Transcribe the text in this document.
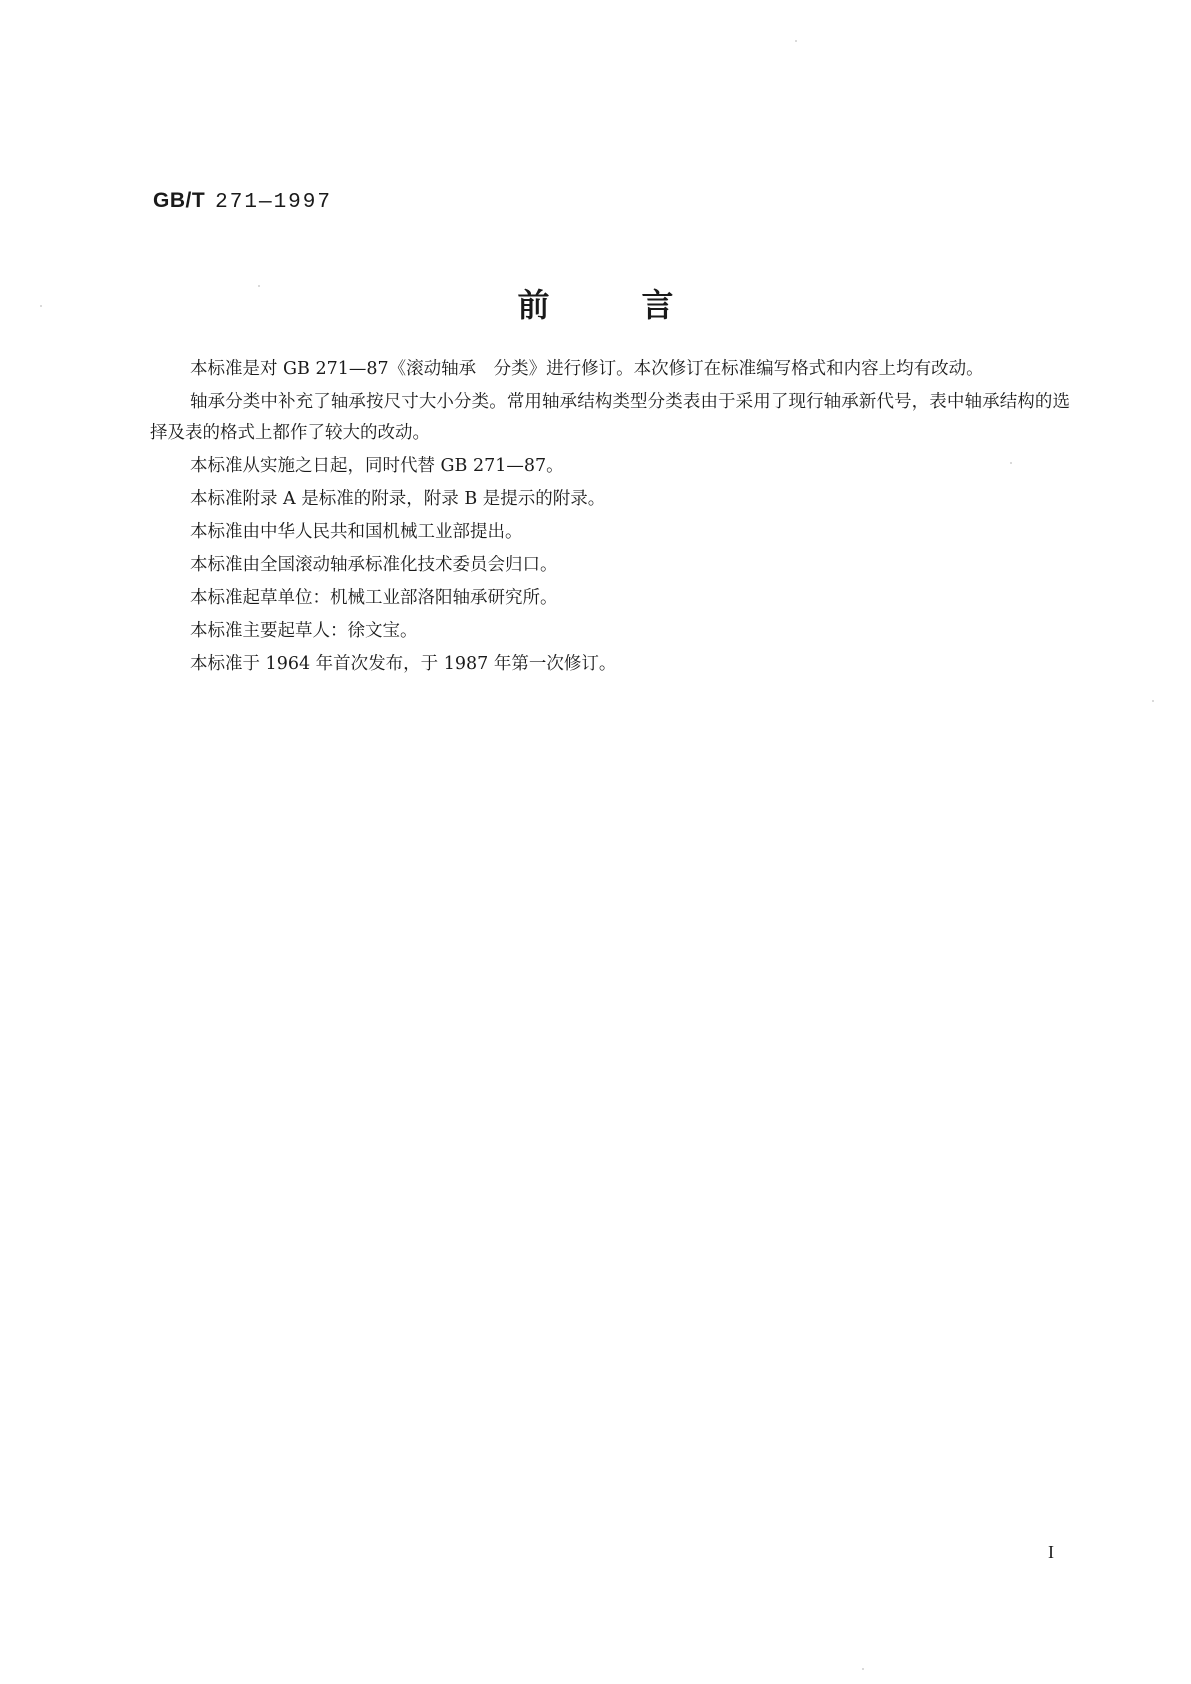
GB/T 271—1997
前言

本标准是对 GB 271—87《滚动轴承　分类》进行修订。本次修订在标准编写格式和内容上均有改动。

轴承分类中补充了轴承按尺寸大小分类。常用轴承结构类型分类表由于采用了现行轴承新代号，表中轴承结构的选择及表的格式上都作了较大的改动。

本标准从实施之日起，同时代替 GB 271—87。

本标准附录 A 是标准的附录，附录 B 是提示的附录。

本标准由中华人民共和国机械工业部提出。

本标准由全国滚动轴承标准化技术委员会归口。

本标准起草单位：机械工业部洛阳轴承研究所。

本标准主要起草人：徐文宝。

本标准于 1964 年首次发布，于 1987 年第一次修订。

I
